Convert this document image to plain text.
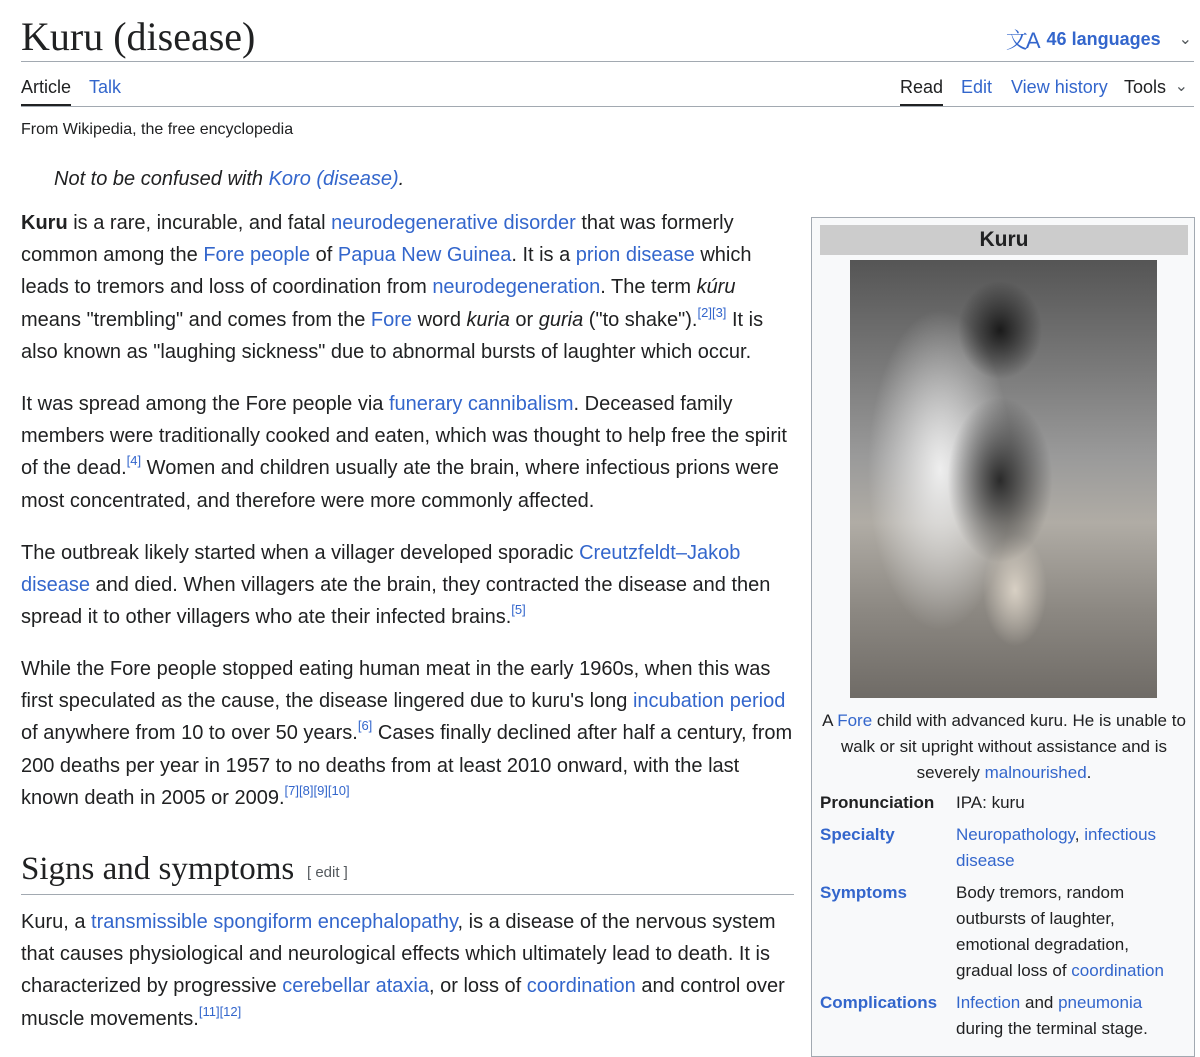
Kuru (disease)	文A 46 languages ⌄
Article Talk	Read Edit View history Tools ⌄
From Wikipedia, the free encyclopedia
Not to be confused with Koro (disease).

Kuru is a rare, incurable, and fatal neurodegenerative disorder that was formerly common among the Fore people of Papua New Guinea. It is a prion disease which leads to tremors and loss of coordination from neurodegeneration. The term kúru means "trembling" and comes from the Fore word kuria or guria ("to shake").[2][3] It is also known as "laughing sickness" due to abnormal bursts of laughter which occur.

It was spread among the Fore people via funerary cannibalism. Deceased family members were traditionally cooked and eaten, which was thought to help free the spirit of the dead.[4] Women and children usually ate the brain, where infectious prions were most concentrated, and therefore were more commonly affected.

The outbreak likely started when a villager developed sporadic Creutzfeldt–Jakob disease and died. When villagers ate the brain, they contracted the disease and then spread it to other villagers who ate their infected brains.[5]

While the Fore people stopped eating human meat in the early 1960s, when this was first speculated as the cause, the disease lingered due to kuru's long incubation period of anywhere from 10 to over 50 years.[6] Cases finally declined after half a century, from 200 deaths per year in 1957 to no deaths from at least 2010 onward, with the last known death in 2005 or 2009.[7][8][9][10]

Signs and symptoms [ edit ]

Kuru, a transmissible spongiform encephalopathy, is a disease of the nervous system that causes physiological and neurological effects which ultimately lead to death. It is characterized by progressive cerebellar ataxia, or loss of coordination and control over muscle movements.[11][12]

Kuru
A Fore child with advanced kuru. He is unable to walk or sit upright without assistance and is severely malnourished.
Pronunciation IPA: kuru
Specialty	Neuropathology, infectious disease
Symptoms	Body tremors, random outbursts of laughter, emotional degradation, gradual loss of coordination
Complications Infection and pneumonia during the terminal stage.
